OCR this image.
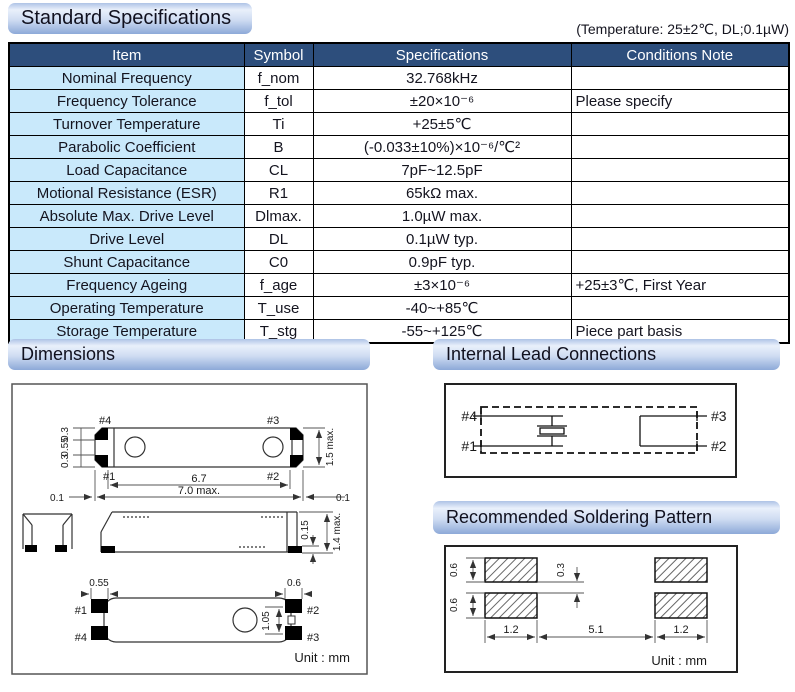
Standard Specifications	(Temperature: 25±2℃, DL;0.1µW)
Item	Symbol	Specifications	Conditions Note
Nominal Frequency	f_nom	32.768kHz	
Frequency Tolerance	f_tol	±20×10⁻⁶	Please specify
Turnover Temperature	Ti	+25±5℃	
Parabolic Coefficient	B	(-0.033±10%)×10⁻⁶/℃²	
Load Capacitance	CL	7pF~12.5pF	
Motional Resistance (ESR)	R1	65kΩ max.	
Absolute Max. Drive Level	Dlmax.	1.0µW max.	
Drive Level	DL	0.1µW typ.	
Shunt Capacitance	C0	0.9pF typ.	
Frequency Ageing	f_age	±3×10⁻⁶	+25±3℃, First Year
Operating Temperature	T_use	-40~+85℃	
Storage Temperature	T_stg	-55~+125℃	Piece part basis
Dimensions	Internal Lead Connections
Recommended Soldering Pattern
#4	#3
#1	#2
0.3
0.55
0.3	1.5 max.
6.7
7.0 max.
0.1	0.1
0.15 1.4 max.
0.55	0.6
#1
#4
#2
#3
1.05
Unit : mm
#4
#1
#3
#2
0.6
0.6
0.3
1.2	5.1	1.2
Unit : mm
